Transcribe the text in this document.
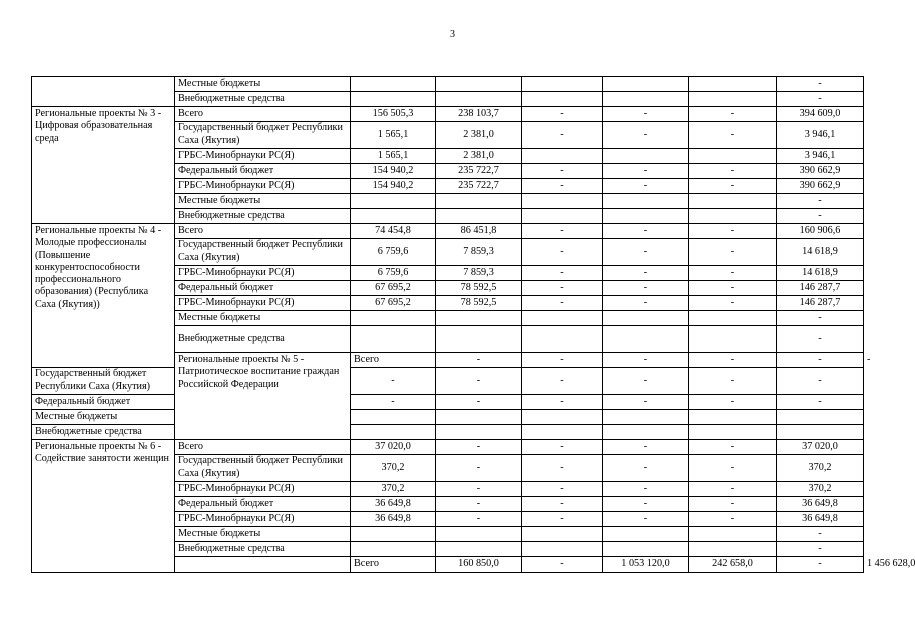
3
	Местные бюджеты						-	
	Внебюджетные средства						-	
Региональные проекты № 3 - Цифровая образовательная среда	Всего	156 505,3	238 103,7	-	-	-	394 609,0	
	Государственный бюджет Республики Саха (Якутия)	1 565,1	2 381,0	-	-	-	3 946,1	
	ГРБС-Минобрнауки РС(Я)	1 565,1	2 381,0				3 946,1	
	Федеральный бюджет	154 940,2	235 722,7	-	-	-	390 662,9	
	ГРБС-Минобрнауки РС(Я)	154 940,2	235 722,7	-	-	-	390 662,9	
	Местные бюджеты						-	
	Внебюджетные средства						-	
Региональные проекты № 4 - Молодые профессионалы (Повышение конкурентоспособности профессионального образования) (Республика Саха (Якутия))	Всего	74 454,8	86 451,8	-	-	-	160 906,6	
	Государственный бюджет Республики Саха (Якутия)	6 759,6	7 859,3	-	-	-	14 618,9	
	ГРБС-Минобрнауки РС(Я)	6 759,6	7 859,3	-	-	-	14 618,9	
	Федеральный бюджет	67 695,2	78 592,5	-	-	-	146 287,7	
	ГРБС-Минобрнауки РС(Я)	67 695,2	78 592,5	-	-	-	146 287,7	
	Местные бюджеты						-	
	Внебюджетные средства						-	
	Региональные проекты № 5 - Патриотическое воспитание граждан Российской Федерации	Всего	-	-	-	-	-	-
Государственный бюджет Республики Саха (Якутия)		-	-	-	-	-	-	
Федеральный бюджет		-	-	-	-	-	-	
Местные бюджеты								
Внебюджетные средства								
Региональные проекты № 6 - Содействие занятости женщин	Всего	37 020,0	-	-	-	-	37 020,0	
	Государственный бюджет Республики Саха (Якутия)	370,2	-	-	-	-	370,2	
	ГРБС-Минобрнауки РС(Я)	370,2	-	-	-	-	370,2	
	Федеральный бюджет	36 649,8	-	-	-	-	36 649,8	
	ГРБС-Минобрнауки РС(Я)	36 649,8	-	-	-	-	36 649,8	
	Местные бюджеты						-	
	Внебюджетные средства						-	
		Всего	160 850,0	-	1 053 120,0	242 658,0	-	1 456 628,0
